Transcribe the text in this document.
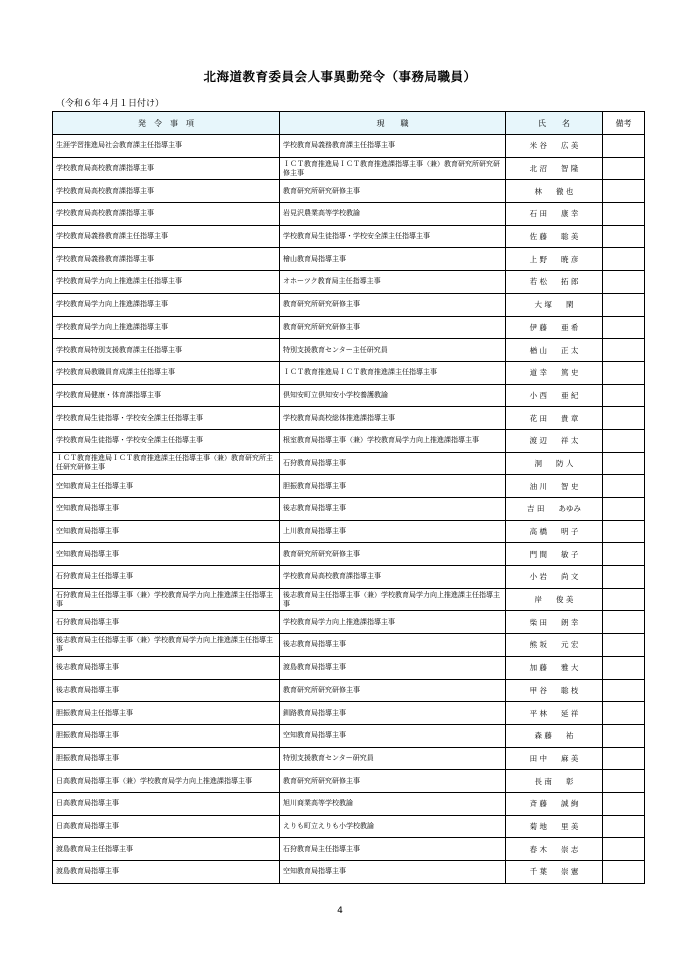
北海道教育委員会人事異動発令（事務局職員）
（令和６年４月１日付け）
発　令　事　項	現　　職	氏　　名	備考
生涯学習推進局社会教育課主任指導主事	学校教育局義務教育課主任指導主事	米 谷 広 美	
学校教育局高校教育課指導主事	ＩＣＴ教育推進局ＩＣＴ教育推進課指導主事（兼）教育研究所研究研修主事	北 沼 智 隆	
学校教育局高校教育課指導主事	教育研究所研究研修主事	林 徹 也	
学校教育局高校教育課指導主事	岩見沢農業高等学校教諭	石 田 康 幸	
学校教育局義務教育課主任指導主事	学校教育局生徒指導・学校安全課主任指導主事	佐 藤 聡 美	
学校教育局義務教育課指導主事	檜山教育局指導主事	上 野 暁 彦	
学校教育局学力向上推進課主任指導主事	オホーツク教育局主任指導主事	若 松 拓 郎	
学校教育局学力向上推進課指導主事	教育研究所研究研修主事	大 塚 閑	
学校教育局学力向上推進課指導主事	教育研究所研究研修主事	伊 藤 亜 希	
学校教育局特別支援教育課主任指導主事	特別支援教育センター主任研究員	楢 山 正 太	
学校教育局教職員育成課主任指導主事	ＩＣＴ教育推進局ＩＣＴ教育推進課主任指導主事	道 幸 篤 史	
学校教育局健康・体育課指導主事	倶知安町立倶知安小学校養護教諭	小 西 亜 紀	
学校教育局生徒指導・学校安全課主任指導主事	学校教育局高校総体推進課指導主事	花 田 貴 章	
学校教育局生徒指導・学校安全課主任指導主事	根室教育局指導主事（兼）学校教育局学力向上推進課指導主事	渡 辺 祥 太	
ＩＣＴ教育推進局ＩＣＴ教育推進課主任指導主事（兼）教育研究所主任研究研修主事	石狩教育局指導主事	洞 防 人	
空知教育局主任指導主事	胆振教育局指導主事	油 川 智 史	
空知教育局指導主事	後志教育局指導主事	吉 田 あゆみ	
空知教育局指導主事	上川教育局指導主事	高 橋 明 子	
空知教育局指導主事	教育研究所研究研修主事	門 間 敏 子	
石狩教育局主任指導主事	学校教育局高校教育課指導主事	小 岩 尚 文	
石狩教育局主任指導主事（兼）学校教育局学力向上推進課主任指導主事	後志教育局主任指導主事（兼）学校教育局学力向上推進課主任指導主事	岸 俊 美	
石狩教育局指導主事	学校教育局学力向上推進課指導主事	柴 田 朗 幸	
後志教育局主任指導主事（兼）学校教育局学力向上推進課主任指導主事	後志教育局指導主事	熊 坂 元 宏	
後志教育局指導主事	渡島教育局指導主事	加 藤 雅 大	
後志教育局指導主事	教育研究所研究研修主事	甲 谷 聡 枝	
胆振教育局主任指導主事	釧路教育局指導主事	平 林 延 祥	
胆振教育局指導主事	空知教育局指導主事	森 藤 祐	
胆振教育局指導主事	特別支援教育センター研究員	田 中 麻 美	
日高教育局指導主事（兼）学校教育局学力向上推進課指導主事	教育研究所研究研修主事	長 南 彰	
日高教育局指導主事	旭川商業高等学校教諭	斉 藤 誠 絢	
日高教育局指導主事	えりも町立えりも小学校教諭	菊 地 里 美	
渡島教育局主任指導主事	石狩教育局主任指導主事	春 木 崇 志	
渡島教育局指導主事	空知教育局指導主事	千 葉 崇 憲	
4
